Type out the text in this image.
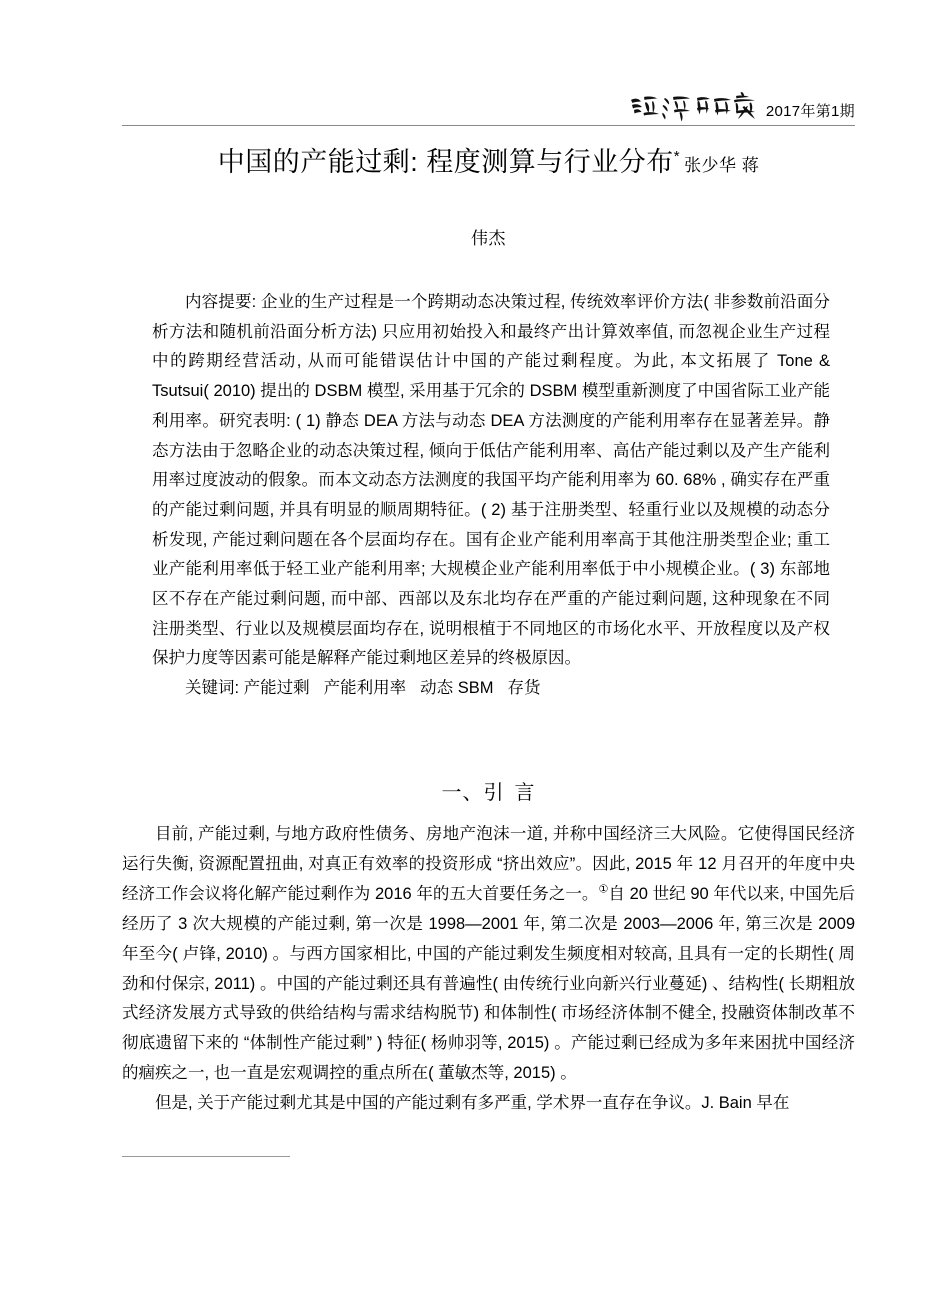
2017年第1期
中国的产能过剩: 程度测算与行业分布* 张少华 蒋
伟杰

内容提要: 企业的生产过程是一个跨期动态决策过程, 传统效率评价方法( 非参数前沿面分析方法和随机前沿面分析方法) 只应用初始投入和最终产出计算效率值, 而忽视企业生产过程中的跨期经营活动, 从而可能错误估计中国的产能过剩程度。为此, 本文拓展了 Tone & Tsutsui( 2010) 提出的 DSBM 模型, 采用基于冗余的 DSBM 模型重新测度了中国省际工业产能利用率。研究表明: ( 1) 静态 DEA 方法与动态 DEA 方法测度的产能利用率存在显著差异。静态方法由于忽略企业的动态决策过程, 倾向于低估产能利用率、高估产能过剩以及产生产能利用率过度波动的假象。而本文动态方法测度的我国平均产能利用率为 60. 68% , 确实存在严重的产能过剩问题, 并具有明显的顺周期特征。( 2) 基于注册类型、轻重行业以及规模的动态分析发现, 产能过剩问题在各个层面均存在。国有企业产能利用率高于其他注册类型企业; 重工业产能利用率低于轻工业产能利用率; 大规模企业产能利用率低于中小规模企业。( 3) 东部地区不存在产能过剩问题, 而中部、西部以及东北均存在严重的产能过剩问题, 这种现象在不同注册类型、行业以及规模层面均存在, 说明根植于不同地区的市场化水平、开放程度以及产权保护力度等因素可能是解释产能过剩地区差异的终极原因。

关键词: 产能过剩 产能利用率 动态 SBM 存货

一、引 言

目前, 产能过剩, 与地方政府性债务、房地产泡沫一道, 并称中国经济三大风险。它使得国民经济运行失衡, 资源配置扭曲, 对真正有效率的投资形成 “挤出效应”。因此, 2015 年 12 月召开的年度中央经济工作会议将化解产能过剩作为 2016 年的五大首要任务之一。①自 20 世纪 90 年代以来, 中国先后经历了 3 次大规模的产能过剩, 第一次是 1998—2001 年, 第二次是 2003—2006 年, 第三次是 2009 年至今( 卢锋, 2010) 。与西方国家相比, 中国的产能过剩发生频度相对较高, 且具有一定的长期性( 周劲和付保宗, 2011) 。中国的产能过剩还具有普遍性( 由传统行业向新兴行业蔓延) 、结构性( 长期粗放式经济发展方式导致的供给结构与需求结构脱节) 和体制性( 市场经济体制不健全, 投融资体制改革不彻底遗留下来的 “体制性产能过剩” ) 特征( 杨帅羽等, 2015) 。产能过剩已经成为多年来困扰中国经济的痼疾之一, 也一直是宏观调控的重点所在( 董敏杰等, 2015) 。

但是, 关于产能过剩尤其是中国的产能过剩有多严重, 学术界一直存在争议。J. Bain 早在
